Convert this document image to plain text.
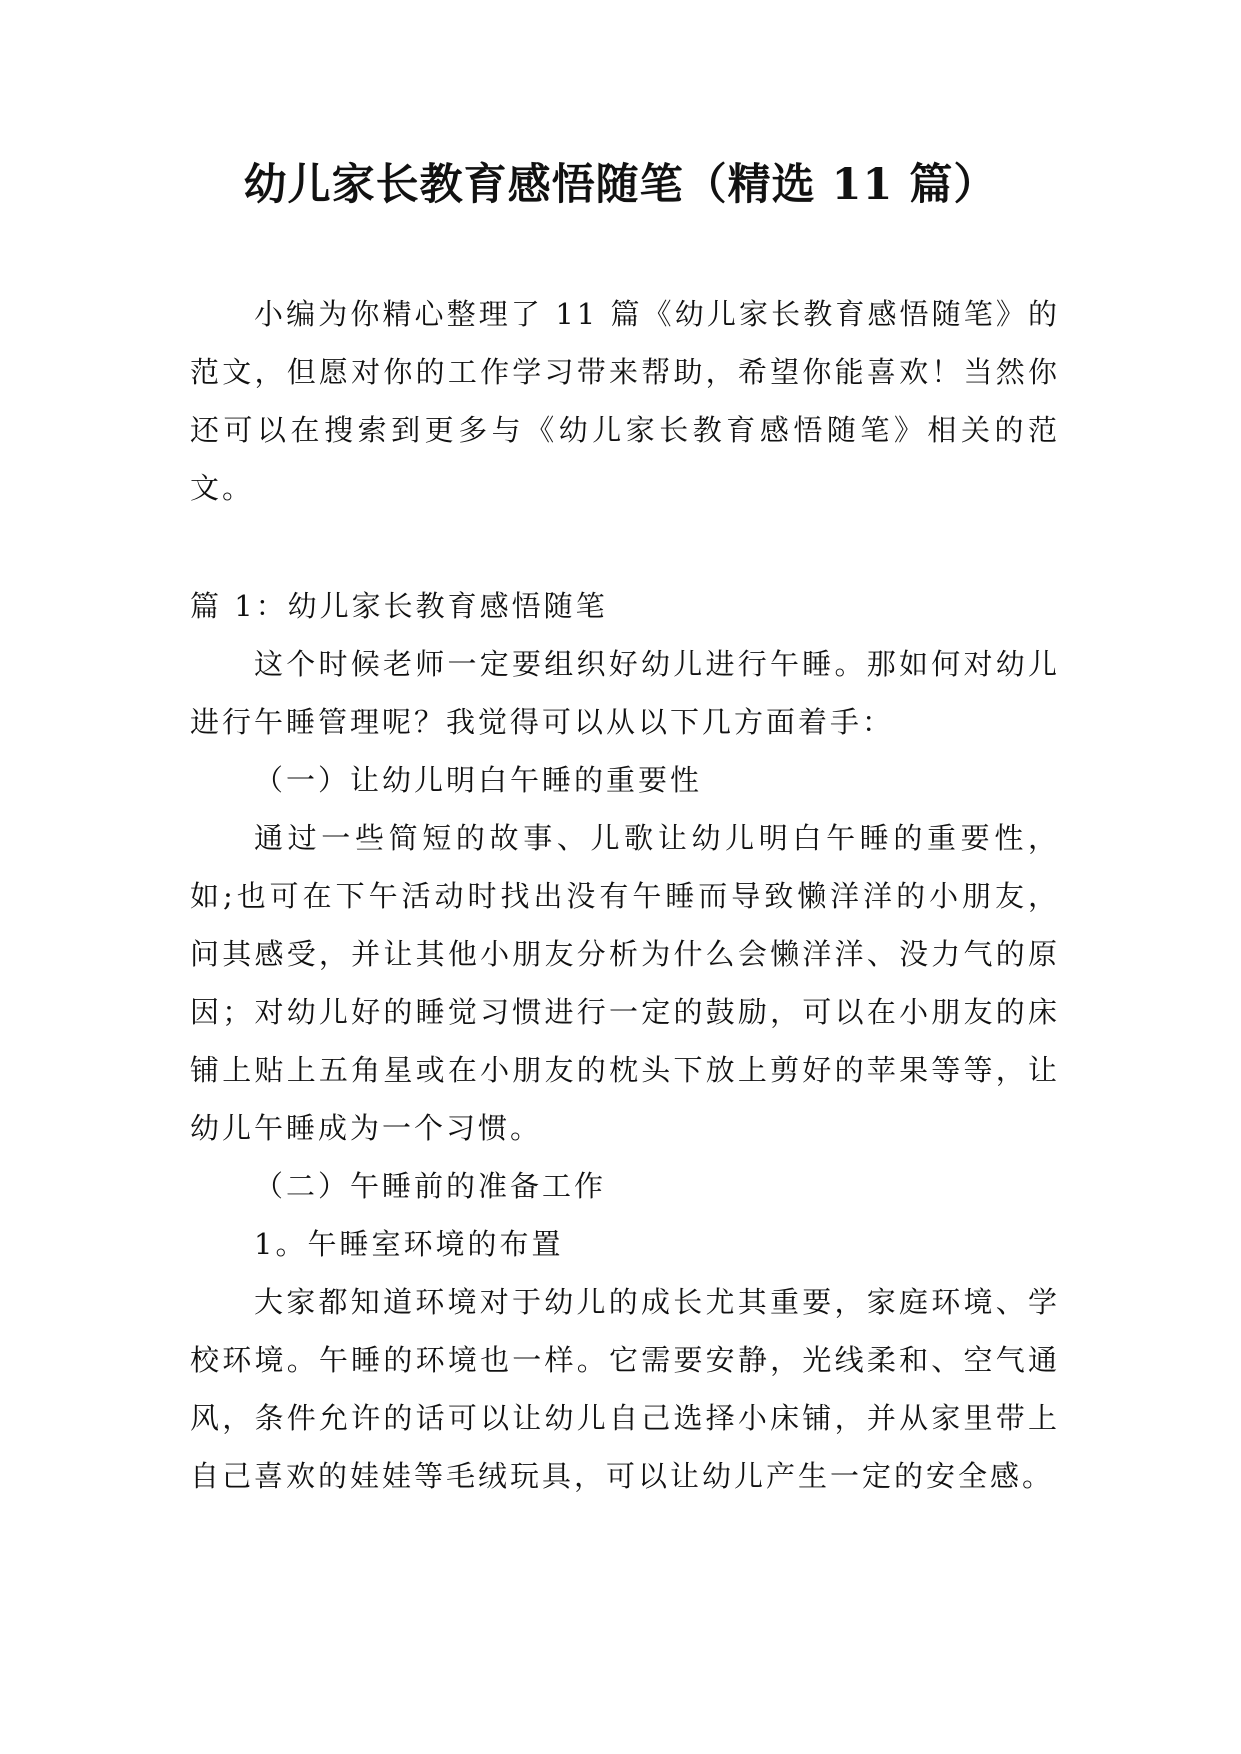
幼儿家长教育感悟随笔（精选 11 篇）

小编为你精心整理了 11 篇《幼儿家长教育感悟随笔》的范文，但愿对你的工作学习带来帮助，希望你能喜欢！当然你还可以在搜索到更多与《幼儿家长教育感悟随笔》相关的范文。

篇 1：幼儿家长教育感悟随笔

这个时候老师一定要组织好幼儿进行午睡。那如何对幼儿进行午睡管理呢？我觉得可以从以下几方面着手：

（一）让幼儿明白午睡的重要性

通过一些简短的故事、儿歌让幼儿明白午睡的重要性，如;也可在下午活动时找出没有午睡而导致懒洋洋的小朋友，问其感受，并让其他小朋友分析为什么会懒洋洋、没力气的原因；对幼儿好的睡觉习惯进行一定的鼓励，可以在小朋友的床铺上贴上五角星或在小朋友的枕头下放上剪好的苹果等等，让幼儿午睡成为一个习惯。

（二）午睡前的准备工作

1。午睡室环境的布置

大家都知道环境对于幼儿的成长尤其重要，家庭环境、学校环境。午睡的环境也一样。它需要安静，光线柔和、空气通风，条件允许的话可以让幼儿自己选择小床铺，并从家里带上自己喜欢的娃娃等毛绒玩具，可以让幼儿产生一定的安全感。
